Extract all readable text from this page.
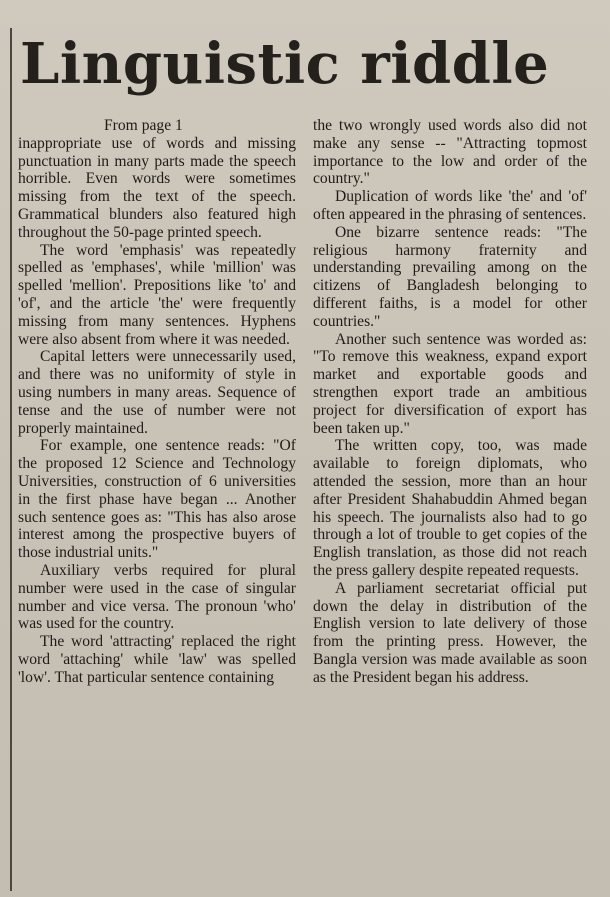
Linguistic riddle
From page 1

inappropriate use of words and missing punctuation in many parts made the speech horrible. Even words were sometimes missing from the text of the speech. Grammatical blunders also featured high throughout the 50-page printed speech.

The word 'emphasis' was repeatedly spelled as 'emphases', while 'million' was spelled 'mellion'. Prepositions like 'to' and 'of', and the article 'the' were frequently missing from many sentences. Hyphens were also absent from where it was needed.

Capital letters were unnecessarily used, and there was no uniformity of style in using numbers in many areas. Sequence of tense and the use of number were not properly maintained.

For example, one sentence reads: "Of the proposed 12 Science and Technology Universities, construction of 6 universities in the first phase have began ... Another such sentence goes as: "This has also arose interest among the prospective buyers of those industrial units."

Auxiliary verbs required for plural number were used in the case of singular number and vice versa. The pronoun 'who' was used for the country.

The word 'attracting' replaced the right word 'attaching' while 'law' was spelled 'low'. That particular sentence containing

the two wrongly used words also did not make any sense -- "Attracting topmost importance to the low and order of the country."

Duplication of words like 'the' and 'of' often appeared in the phrasing of sentences.

One bizarre sentence reads: "The religious harmony fraternity and understanding prevailing among on the citizens of Bangladesh belonging to different faiths, is a model for other countries."

Another such sentence was worded as: "To remove this weakness, expand export market and exportable goods and strengthen export trade an ambitious project for diversification of export has been taken up."

The written copy, too, was made available to foreign diplomats, who attended the session, more than an hour after President Shahabuddin Ahmed began his speech. The journalists also had to go through a lot of trouble to get copies of the English translation, as those did not reach the press gallery despite repeated requests.

A parliament secretariat official put down the delay in distribution of the English version to late delivery of those from the printing press. However, the Bangla version was made available as soon as the President began his address.
